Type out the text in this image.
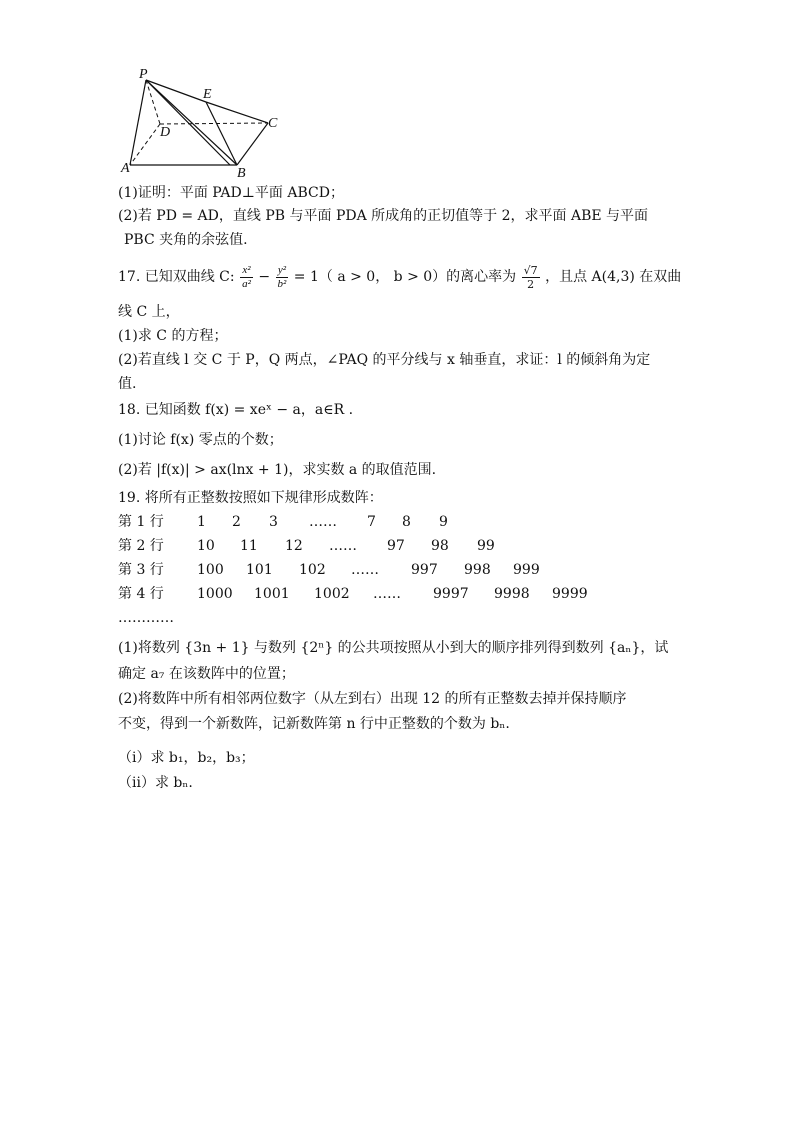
P
E
D
C
A	B
(1)证明：平面 PAD⊥平面 ABCD；
(2)若 PD = AD，直线 PB 与平面 PDA 所成角的正切值等于 2，求平面 ABE 与平面
PBC 夹角的余弦值.
17. 已知双曲线 C: $\frac{\text{x²}}{\text{a²}} - \frac{\text{y²}}{\text{b²}} = 1$（ a > 0， b > 0）的离心率为 $\frac{√7}{2}$ ，且点 A(4,3) 在双曲
线 C 上，
(1)求 C 的方程；
(2)若直线 l 交 C 于 P，Q 两点，∠PAQ 的平分线与 x 轴垂直，求证：l 的倾斜角为定
值.
18. 已知函数 f(x) = xeˣ − a，a∈R .
(1)讨论 f(x) 零点的个数；
(2)若 |f(x)| > ax(lnx + 1)，求实数 a 的取值范围.
19. 将所有正整数按照如下规律形成数阵：
第 1 行 1 2 3 …… 7 8 9
第 2 行 10 11 12 …… 97 98 99
第 3 行 100 101 102 …… 997 998 999
第 4 行 1000 1001 1002 …… 9997 9998 9999
…………
(1)将数列 {3n + 1} 与数列 {2ⁿ} 的公共项按照从小到大的顺序排列得到数列 {aₙ}，试
确定 a₇ 在该数阵中的位置；
(2)将数阵中所有相邻两位数字（从左到右）出现 12 的所有正整数去掉并保持顺序
不变，得到一个新数阵，记新数阵第 n 行中正整数的个数为 bₙ.
（i）求 b₁，b₂，b₃；
（ii）求 bₙ.
